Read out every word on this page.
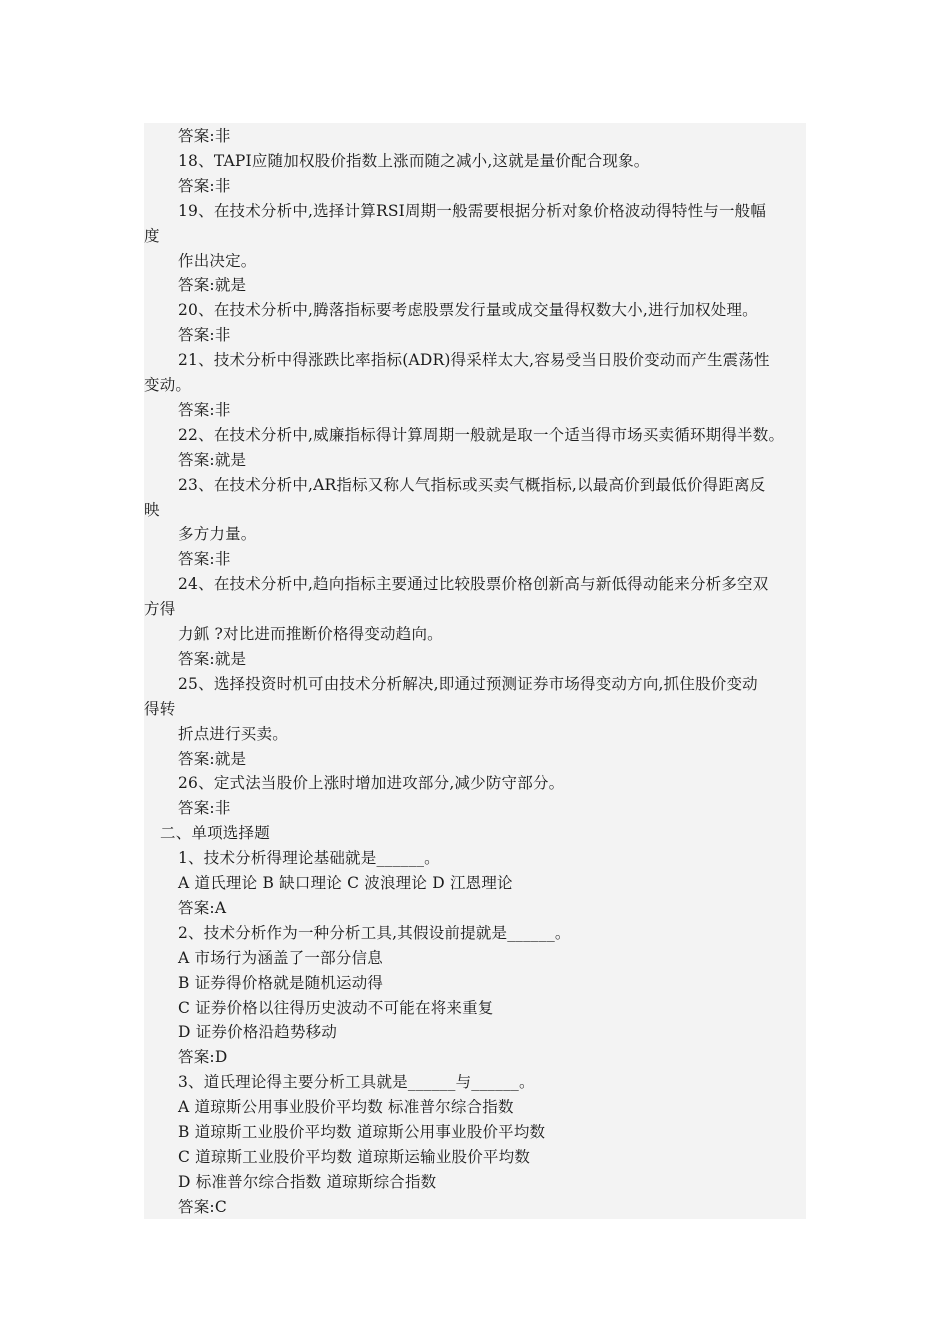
答案:非
18、TAPI应随加权股价指数上涨而随之减小,这就是量价配合现象。
答案:非
19、在技术分析中,选择计算RSI周期一般需要根据分析对象价格波动得特性与一般幅
度
作出决定。
答案:就是
20、在技术分析中,腾落指标要考虑股票发行量或成交量得权数大小,进行加权处理。
答案:非
21、技术分析中得涨跌比率指标(ADR)得采样太大,容易受当日股价变动而产生震荡性
变动。
答案:非
22、在技术分析中,威廉指标得计算周期一般就是取一个适当得市场买卖循环期得半数。
答案:就是
23、在技术分析中,AR指标又称人气指标或买卖气概指标,以最高价到最低价得距离反
映
多方力量。
答案:非
24、在技术分析中,趋向指标主要通过比较股票价格创新高与新低得动能来分析多空双
方得
力釽 ?对比进而推断价格得变动趋向。
答案:就是
25、选择投资时机可由技术分析解决,即通过预测证券市场得变动方向,抓住股价变动
得转
折点进行买卖。
答案:就是
26、定式法当股价上涨时增加进攻部分,减少防守部分。
答案:非
二、单项选择题
1、技术分析得理论基础就是______。
A 道氏理论 B 缺口理论 C 波浪理论 D 江恩理论
答案:A
2、技术分析作为一种分析工具,其假设前提就是______。
A 市场行为涵盖了一部分信息
B 证券得价格就是随机运动得
C 证券价格以往得历史波动不可能在将来重复
D 证券价格沿趋势移动
答案:D
3、道氏理论得主要分析工具就是______与______。
A 道琼斯公用事业股价平均数 标准普尔综合指数
B 道琼斯工业股价平均数 道琼斯公用事业股价平均数
C 道琼斯工业股价平均数 道琼斯运输业股价平均数
D 标准普尔综合指数 道琼斯综合指数
答案:C
